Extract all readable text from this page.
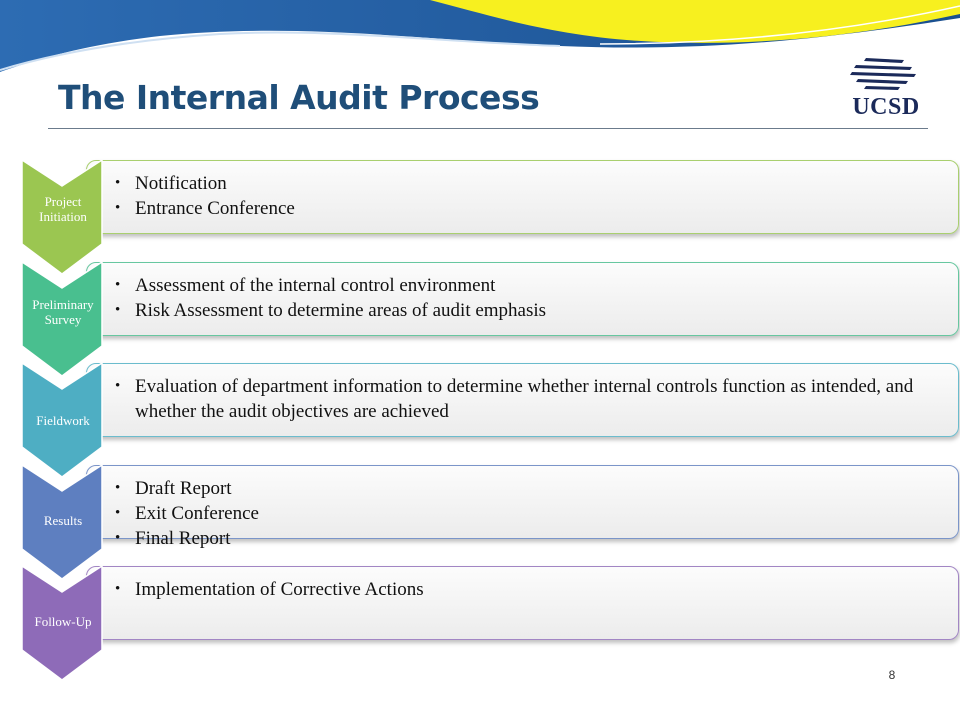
The Internal Audit Process	UCSD
• Notification
• Entrance Conference
• Assessment of the internal control environment
• Risk Assessment to determine areas of audit emphasis
• Evaluation of department information to determine whether internal controls function as intended, and whether the audit objectives are achieved
• Draft Report
• Exit Conference
• Final Report
• Implementation of Corrective Actions
8
Project Initiation
Preliminary Survey
Fieldwork
Results
Follow-Up
